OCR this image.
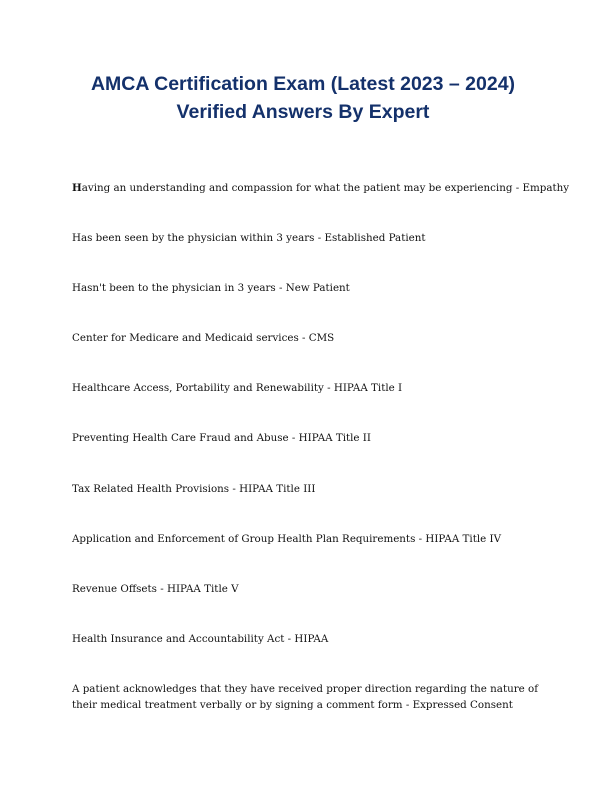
AMCA Certification Exam (Latest 2023 – 2024)
Verified Answers By Expert
Having an understanding and compassion for what the patient may be experiencing - Empathy
Has been seen by the physician within 3 years - Established Patient
Hasn't been to the physician in 3 years - New Patient
Center for Medicare and Medicaid services - CMS
Healthcare Access, Portability and Renewability - HIPAA Title I
Preventing Health Care Fraud and Abuse - HIPAA Title II
Tax Related Health Provisions - HIPAA Title III
Application and Enforcement of Group Health Plan Requirements - HIPAA Title IV
Revenue Offsets - HIPAA Title V
Health Insurance and Accountability Act - HIPAA
A patient acknowledges that they have received proper direction regarding the nature of their medical treatment verbally or by signing a comment form - Expressed Consent
